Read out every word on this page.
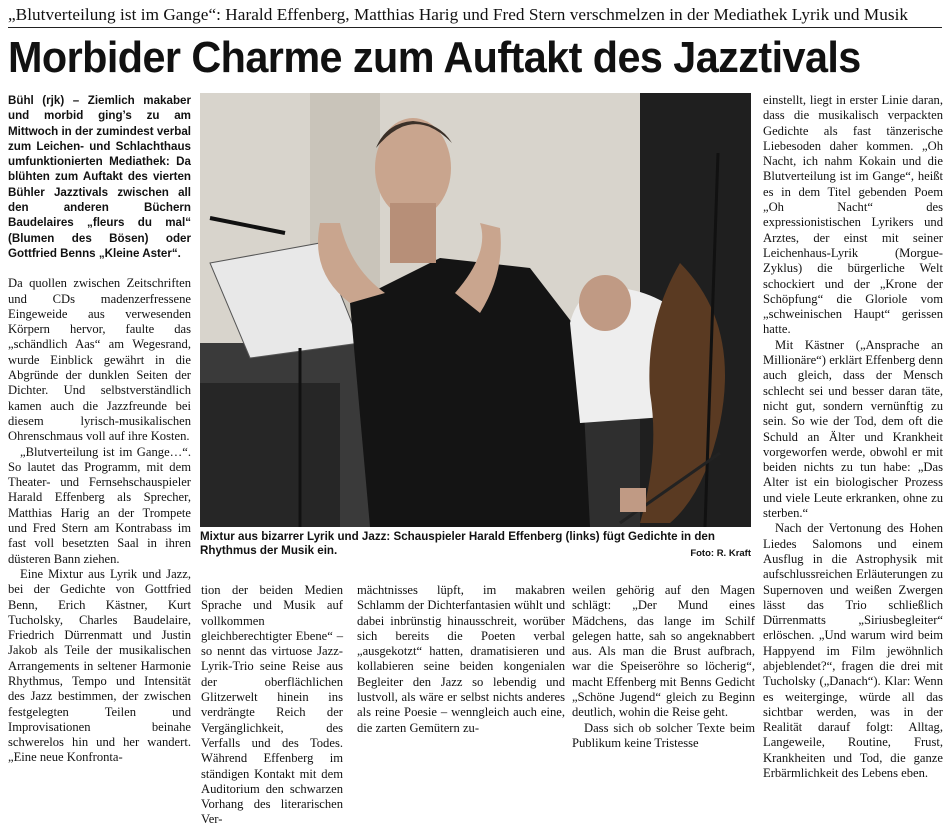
„Blutverteilung ist im Gange“: Harald Effenberg, Matthias Harig und Fred Stern verschmelzen in der Mediathek Lyrik und Musik
Morbider Charme zum Auftakt des Jazztivals
Bühl (rjk) – Ziemlich makaber und morbid ging’s zu am Mittwoch in der zumindest verbal zum Leichen- und Schlachthaus umfunktionierten Mediathek: Da blühten zum Auftakt des vierten Bühler Jazztivals zwischen all den anderen Büchern Baudelaires „fleurs du mal“ (Blumen des Bösen) oder Gottfried Benns „Kleine Aster“.

Da quollen zwischen Zeitschriften und CDs madenzerfressene Eingeweide aus verwesenden Körpern hervor, faulte das „schändlich Aas“ am Wegesrand, wurde Einblick gewährt in die Abgründe der dunklen Seiten der Dichter. Und selbstverständlich kamen auch die Jazzfreunde bei diesem lyrisch-musikalischen Ohrenschmaus voll auf ihre Kosten.

„Blutverteilung ist im Gange…“. So lautet das Programm, mit dem Theater- und Fernsehschauspieler Harald Effenberg als Sprecher, Matthias Harig an der Trompete und Fred Stern am Kontrabass im fast voll besetzten Saal in ihren düsteren Bann ziehen.

Eine Mixtur aus Lyrik und Jazz, bei der Gedichte von Gottfried Benn, Erich Kästner, Kurt Tucholsky, Charles Baudelaire, Friedrich Dürrenmatt und Justin Jakob als Teile der musikalischen Arrangements in seltener Harmonie Rhythmus, Tempo und Intensität des Jazz bestimmen, der zwischen festgelegten Teilen und Improvisationen beinahe schwerelos hin und her wandert. „Eine neue Konfronta-

Mixtur aus bizarrer Lyrik und Jazz: Schauspieler Harald Effenberg (links) fügt Gedichte in den Rhythmus der Musik ein.	Foto: R. Kraft

tion der beiden Medien Sprache und Musik auf vollkommen gleichberechtigter Ebene“ – so nennt das virtuose Jazz-Lyrik-Trio seine Reise aus der oberflächlichen Glitzerwelt hinein ins verdrängte Reich der Vergänglichkeit, des Verfalls und des Todes. Während Effenberg im ständigen Kontakt mit dem Auditorium den schwarzen Vorhang des literarischen Ver-

mächtnisses lüpft, im makabren Schlamm der Dichterfantasien wühlt und dabei inbrünstig hinausschreit, worüber sich bereits die Poeten verbal „ausgekotzt“ hatten, dramatisieren und kollabieren seine beiden kongenialen Begleiter den Jazz so lebendig und lustvoll, als wäre er selbst nichts anderes als reine Poesie – wenngleich auch eine, die zarten Gemütern zu-

weilen gehörig auf den Magen schlägt: „Der Mund eines Mädchens, das lange im Schilf gelegen hatte, sah so angeknabbert aus. Als man die Brust aufbrach, war die Speiseröhre so löcherig“, macht Effenberg mit Benns Gedicht „Schöne Jugend“ gleich zu Beginn deutlich, wohin die Reise geht.

Dass sich ob solcher Texte beim Publikum keine Tristesse

einstellt, liegt in erster Linie daran, dass die musikalisch verpackten Gedichte als fast tänzerische Liebesoden daher kommen. „Oh Nacht, ich nahm Kokain und die Blutverteilung ist im Gange“, heißt es in dem Titel gebenden Poem „Oh Nacht“ des expressionistischen Lyrikers und Arztes, der einst mit seiner Leichenhaus-Lyrik (Morgue-Zyklus) die bürgerliche Welt schockiert und der „Krone der Schöpfung“ die Gloriole vom „schweinischen Haupt“ gerissen hatte.

Mit Kästner („Ansprache an Millionäre“) erklärt Effenberg denn auch gleich, dass der Mensch schlecht sei und besser daran täte, nicht gut, sondern vernünftig zu sein. So wie der Tod, dem oft die Schuld an Älter und Krankheit vorgeworfen werde, obwohl er mit beiden nichts zu tun habe: „Das Alter ist ein biologischer Prozess und viele Leute erkranken, ohne zu sterben.“

Nach der Vertonung des Hohen Liedes Salomons und einem Ausflug in die Astrophysik mit aufschlussreichen Erläuterungen zu Supernoven und weißen Zwergen lässt das Trio schließlich Dürrenmatts „Siriusbegleiter“ erlöschen. „Und warum wird beim Happyend im Film jewöhnlich abjeblendet?“, fragen die drei mit Tucholsky („Danach“). Klar: Wenn es weiterginge, würde all das sichtbar werden, was in der Realität darauf folgt: Alltag, Langeweile, Routine, Frust, Krankheiten und Tod, die ganze Erbärmlichkeit des Lebens eben.
